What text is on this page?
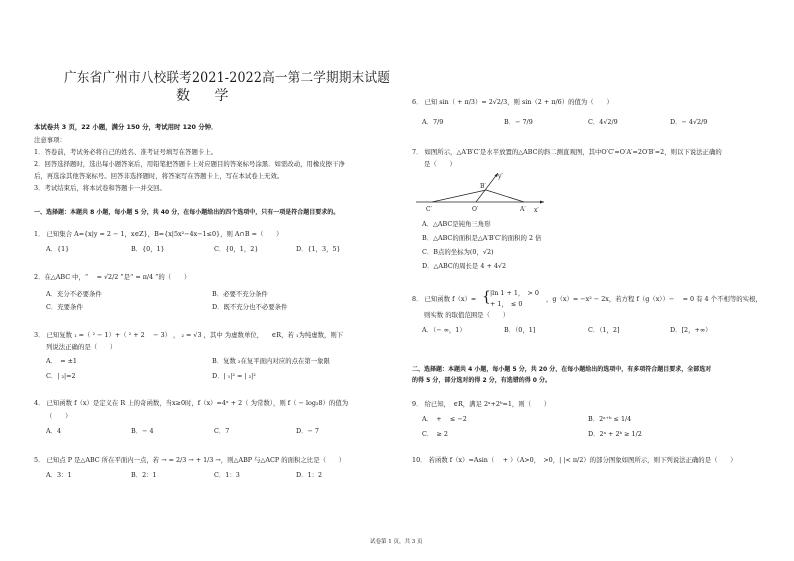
广东省广州市八校联考2021-2022高一第二学期期末试题
数 学
本试卷共 3 页，22 小题，满分 150 分，考试用时 120 分钟．
注意事项：
1．答卷前，考试务必将自己的姓名、准考证号填写在答题卡上。
2．回答选择题时，选出每小题答案后，用铅笔把答题卡上对应题目的答案标号涂黑．如需改动，用橡皮擦干净
后，再选涂其他答案标号。回答非选择题时，将答案写在答题卡上，写在本试卷上无效。
3．考试结束后，将本试卷和答题卡一并交回。
一、选择题：本题共 8 小题，每小题 5 分，共 40 分，在每小题给出的四个选项中，只有一项是符合题目要求的。
1． 已知集合 A={x|y = 2 − 1，x∈Z}，B={x|5x²−4x−1≤0}，则 A∩B =（　　）
A．{1}	B．{0，1}	C．{0，1，2}	D．{1，3，5}
2．在△ABC 中，“ 　= √2/2 ”是“ = π/4 ”的（　　）
A．充分不必要条件	B．必要不充分条件
C．充要条件	D．既不充分也不必要条件
3． 已知复数 ₁ =（ ² − 1）+（ ² + 2 　− 3） ， ₂ = √3 ，其中 为虚数单位， 　∈R，若 ₁为纯虚数，则下
列说法正确的是（　　）
A．　= ±1	B．复数 ₂在复平面内对应的点在第一象限
C．| ₂|=2	D．| ₁|² = | ₂|²
4． 已知函数 f（x）是定义在 R 上的奇函数，当x≥0时，f（x）=4ˣ + 2（ 为常数），则 f（ − log₂8）的值为
（　　）
A．4	B．− 4	C．7	D．− 7
5． 已知点 P 是△ABC 所在平面内一点，若 → = 2/3 → + 1/3 →，则△ABP 与△ACP 的面积之比是（　　）
A．3：1	B．2：1	C．1：3	D．1：2
6． 已知 sin（ + π/3）= 2√2/3，则 sin（2 + π/6）的值为（　　）
A．7/9	B．− 7/9	C．4√2/9	D．− 4√2/9
7． 如图所示，△A′B′C′是水平放置的△ABC的斜二测直观图，其中O′C′=O′A′=2O′B′=2，则以下说法正确的
是（　　）
y′
x′
B′
C′	O′	A′
A．△ABC是钝角三角形
B．△ABC的面积是△A′B′C′的面积的 2 倍
C．B点的坐标为(0，√2)
D．△ABC的周长是 4 + 4√2
8． 已知函数 f（x）= { |ln 1 + 1，　> 0
+ 1，　≤ 0
，g（x）= −x² − 2x，若方程 f（g（x））− 　= 0 有 4 个不相等的实根，
则实数 的取值范围是（　　）
A．（− ∞，1）	B．（0，1]	C．（1，2]	D．[2，+∞）
二、选择题：本题共 4 小题，每小题 5 分，共 20 分，在每小题给出的选项中，有多项符合题目要求，全部选对
的得 5 分，部分选对的得 2 分，有选错的得 0 分。
9． 给已知，　∈R，满足 2ᵃ+2ᵇ=1，则（　　）
A．　+ 　≤ −2	B．2ᵃ⁺ᵇ ≤ 1/4
C．　≥ 2	D．2ᵃ + 2ᵇ ≥ 1/2
10． 若函数 f（x）=Asin（ 　+ ）（A>0，　>0，| |< π/2）的部分图象如图所示，则下列说法正确的是（　　）
试卷第 1 页，共 3 页
